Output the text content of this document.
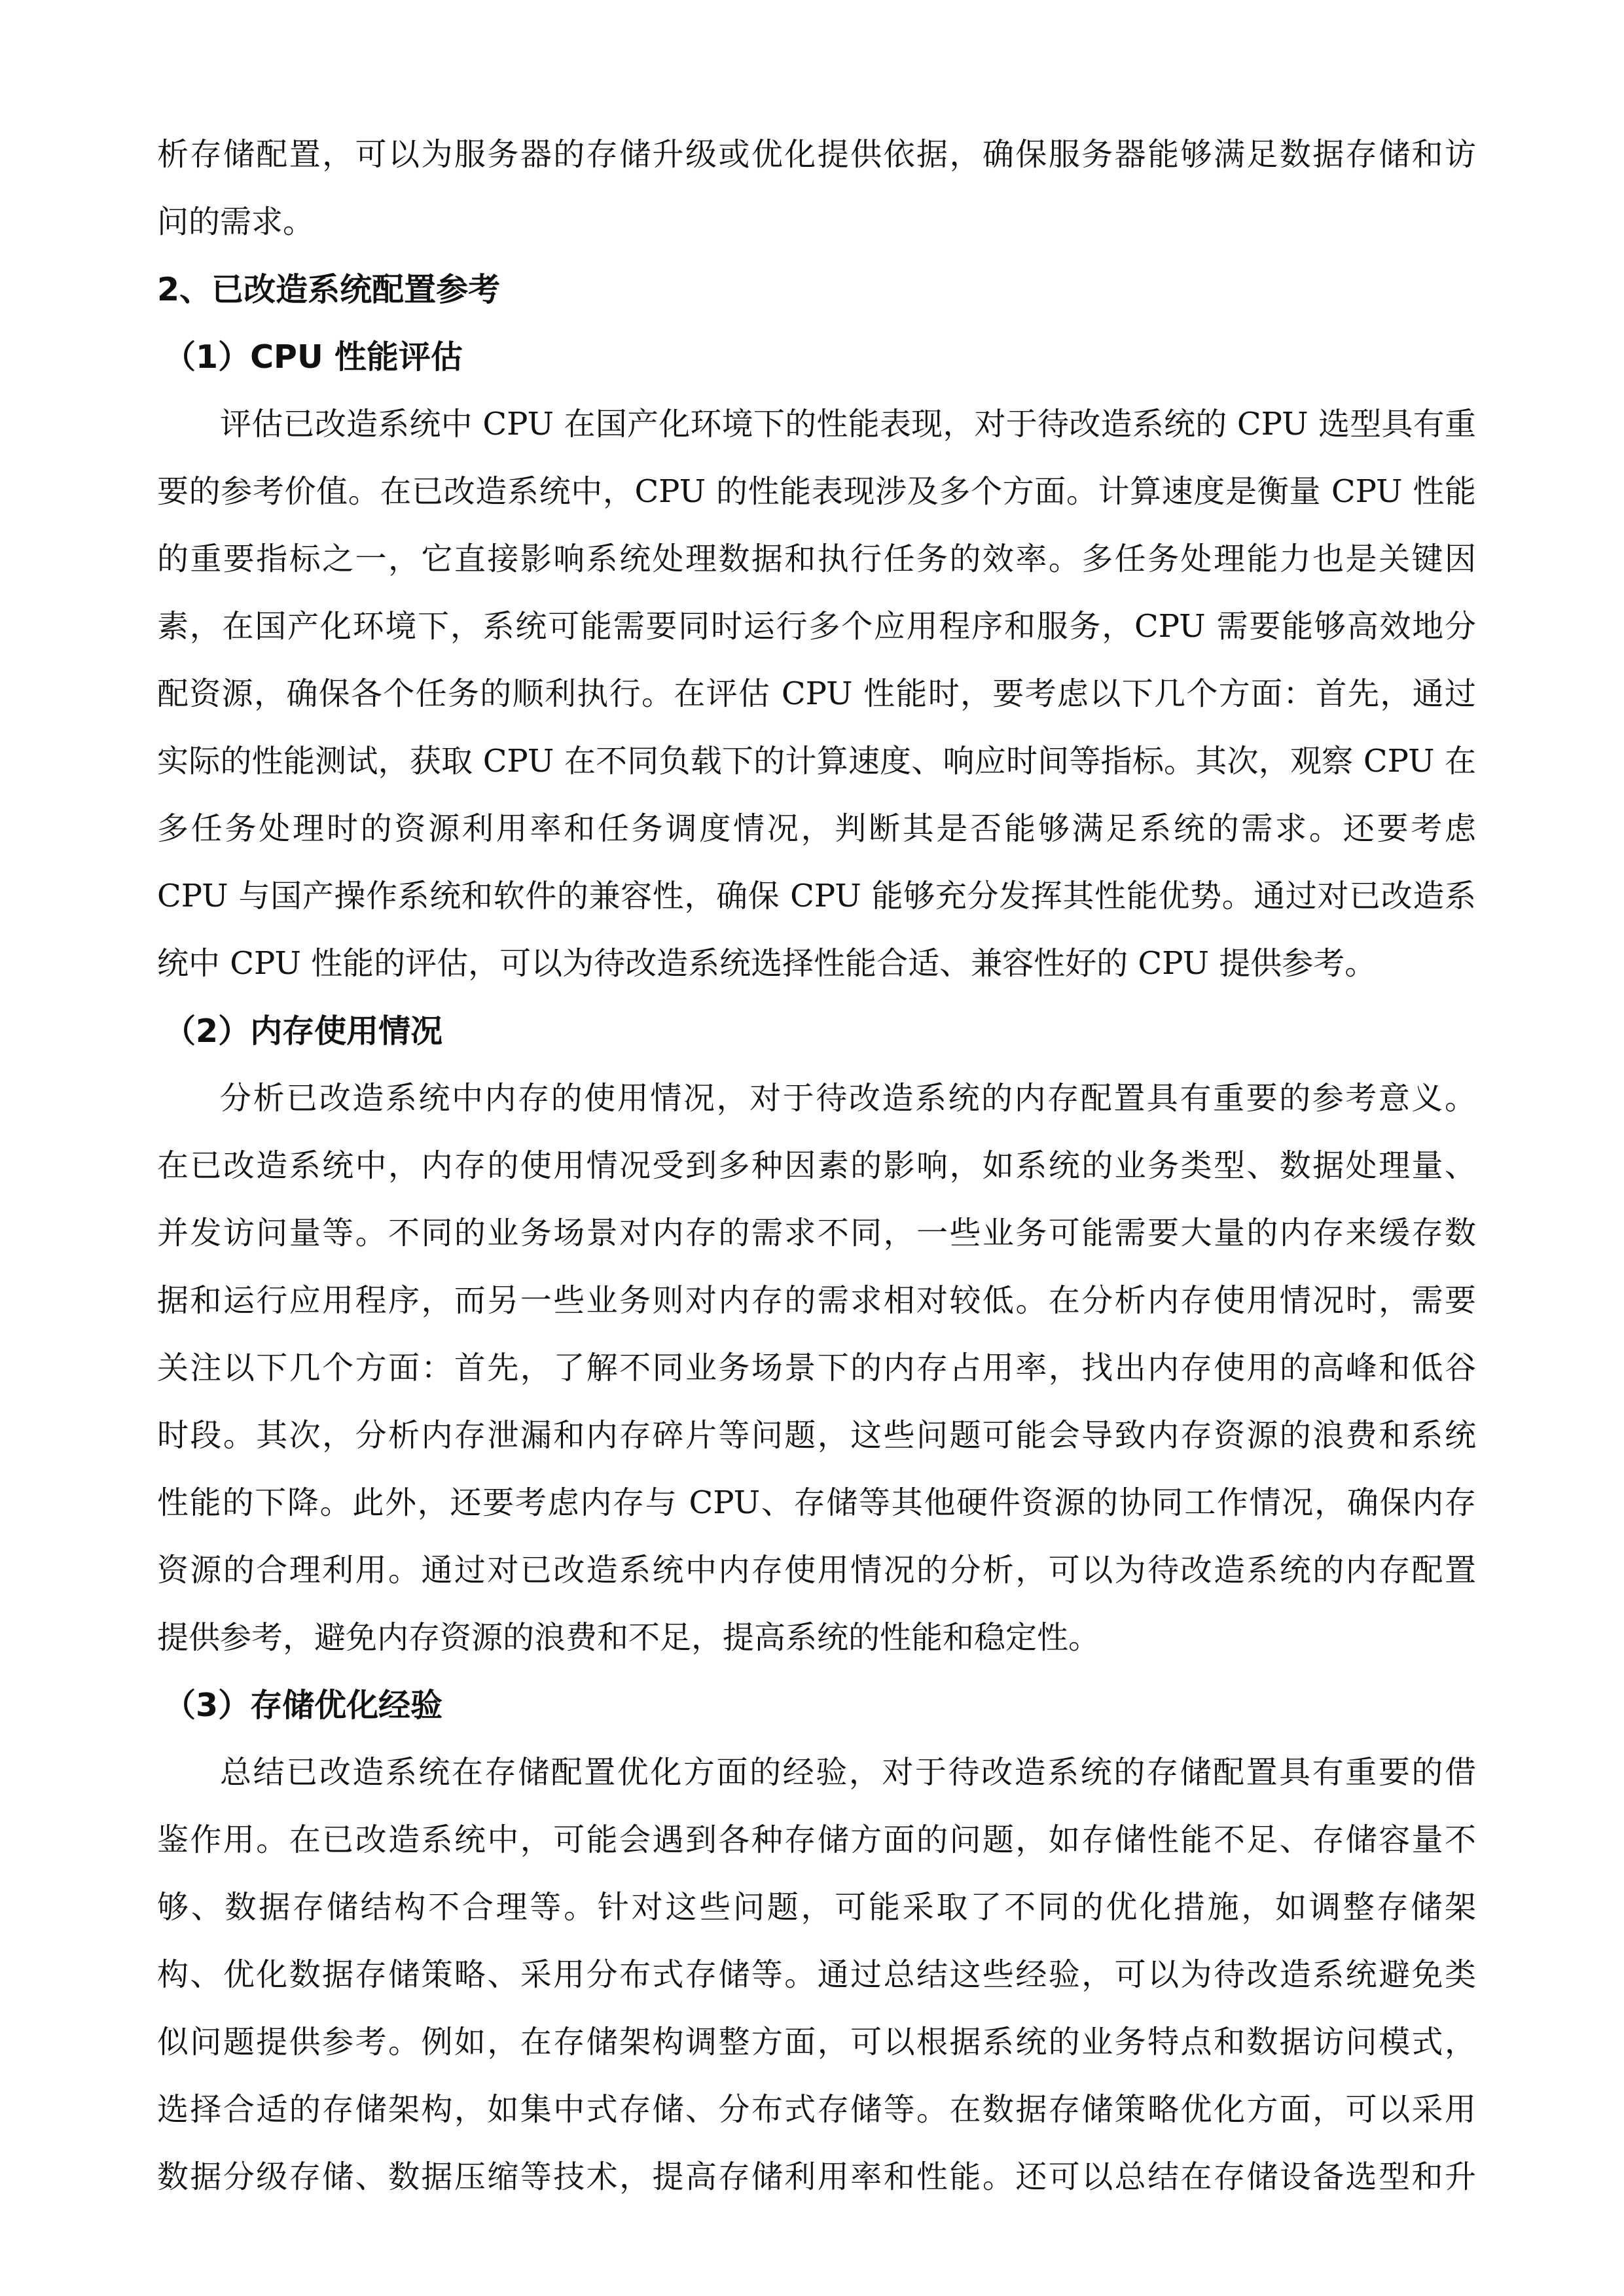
析存储配置，可以为服务器的存储升级或优化提供依据，确保服务器能够满足数据存储和访
问的需求。
2、已改造系统配置参考
（1）CPU 性能评估
评估已改造系统中 CPU 在国产化环境下的性能表现，对于待改造系统的 CPU 选型具有重
要的参考价值。在已改造系统中，CPU 的性能表现涉及多个方面。计算速度是衡量 CPU 性能
的重要指标之一，它直接影响系统处理数据和执行任务的效率。多任务处理能力也是关键因
素，在国产化环境下，系统可能需要同时运行多个应用程序和服务，CPU 需要能够高效地分
配资源，确保各个任务的顺利执行。在评估 CPU 性能时，要考虑以下几个方面：首先，通过
实际的性能测试，获取 CPU 在不同负载下的计算速度、响应时间等指标。其次，观察 CPU 在
多任务处理时的资源利用率和任务调度情况，判断其是否能够满足系统的需求。还要考虑
CPU 与国产操作系统和软件的兼容性，确保 CPU 能够充分发挥其性能优势。通过对已改造系
统中 CPU 性能的评估，可以为待改造系统选择性能合适、兼容性好的 CPU 提供参考。
（2）内存使用情况
分析已改造系统中内存的使用情况，对于待改造系统的内存配置具有重要的参考意义。
在已改造系统中，内存的使用情况受到多种因素的影响，如系统的业务类型、数据处理量、
并发访问量等。不同的业务场景对内存的需求不同，一些业务可能需要大量的内存来缓存数
据和运行应用程序，而另一些业务则对内存的需求相对较低。在分析内存使用情况时，需要
关注以下几个方面：首先，了解不同业务场景下的内存占用率，找出内存使用的高峰和低谷
时段。其次，分析内存泄漏和内存碎片等问题，这些问题可能会导致内存资源的浪费和系统
性能的下降。此外，还要考虑内存与 CPU、存储等其他硬件资源的协同工作情况，确保内存
资源的合理利用。通过对已改造系统中内存使用情况的分析，可以为待改造系统的内存配置
提供参考，避免内存资源的浪费和不足，提高系统的性能和稳定性。
（3）存储优化经验
总结已改造系统在存储配置优化方面的经验，对于待改造系统的存储配置具有重要的借
鉴作用。在已改造系统中，可能会遇到各种存储方面的问题，如存储性能不足、存储容量不
够、数据存储结构不合理等。针对这些问题，可能采取了不同的优化措施，如调整存储架
构、优化数据存储策略、采用分布式存储等。通过总结这些经验，可以为待改造系统避免类
似问题提供参考。例如，在存储架构调整方面，可以根据系统的业务特点和数据访问模式，
选择合适的存储架构，如集中式存储、分布式存储等。在数据存储策略优化方面，可以采用
数据分级存储、数据压缩等技术，提高存储利用率和性能。还可以总结在存储设备选型和升
